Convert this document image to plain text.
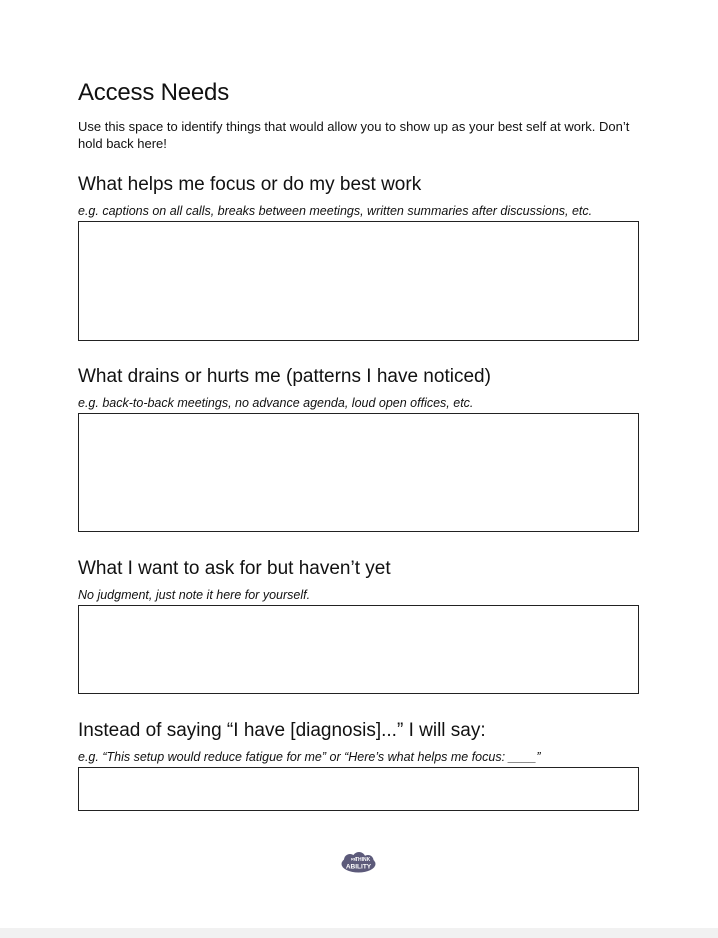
Access Needs
Use this space to identify things that would allow you to show up as your best self at work. Don’t hold back here!
What helps me focus or do my best work
e.g. captions on all calls, breaks between meetings, written summaries after discussions, etc.
What drains or hurts me (patterns I have noticed)
e.g. back-to-back meetings, no advance agenda, loud open offices, etc.
What I want to ask for but haven’t yet
No judgment, just note it here for yourself.
Instead of saying “I have [diagnosis]...” I will say:
e.g. “This setup would reduce fatigue for me” or “Here’s what helps me focus: ____”
RE
THINK
ABILITY
